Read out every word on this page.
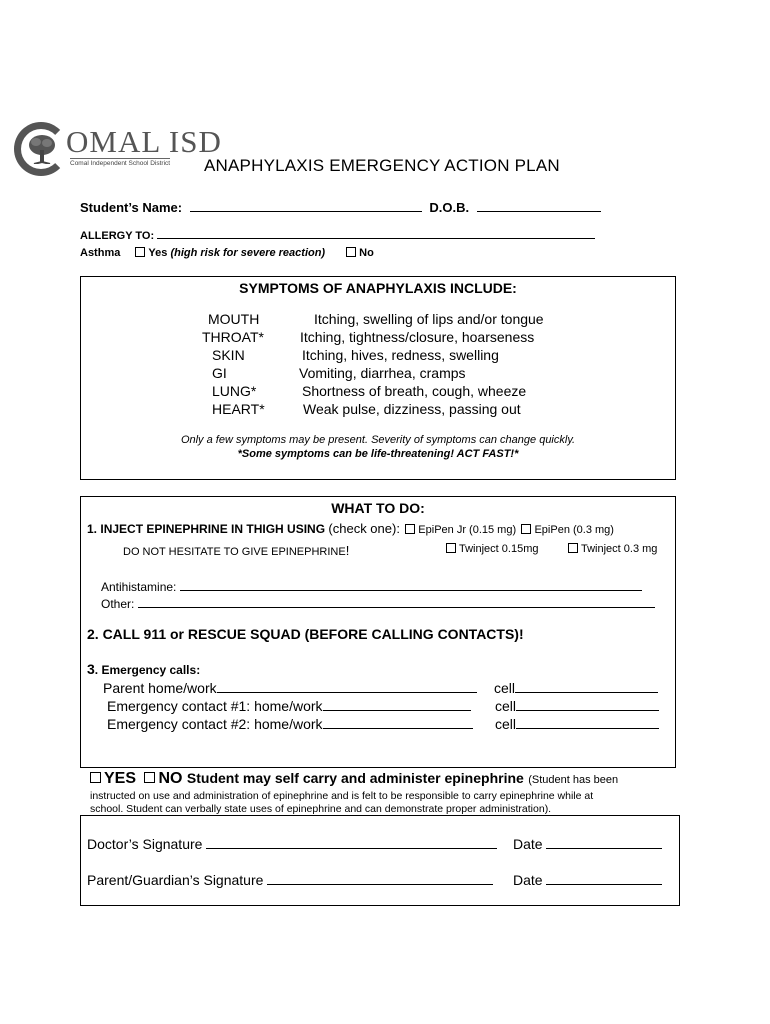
OMAL ISD
Comal Independent School District ANAPHYLAXIS EMERGENCY ACTION PLAN
Student’s Name:	D.O.B.
ALLERGY TO:
Asthma	Yes (high risk for severe reaction)	No
SYMPTOMS OF ANAPHYLAXIS INCLUDE:
MOUTH	Itching, swelling of lips and/or tongue
THROAT*	Itching, tightness/closure, hoarseness
SKIN	Itching, hives, redness, swelling
GI	Vomiting, diarrhea, cramps
LUNG*	Shortness of breath, cough, wheeze
HEART*	Weak pulse, dizziness, passing out
Only a few symptoms may be present. Severity of symptoms can change quickly.
*Some symptoms can be life-threatening! ACT FAST!*
WHAT TO DO:
1. INJECT EPINEPHRINE IN THIGH USING (check one): EpiPen Jr (0.15 mg) EpiPen (0.3 mg)
DO NOT HESITATE TO GIVE EPINEPHRINE!	Twinject 0.15mg	Twinject 0.3 mg
Antihistamine:
Other:
2. CALL 911 or RESCUE SQUAD (BEFORE CALLING CONTACTS)!
3. Emergency calls:
Parent home/work	cell
Emergency contact #1: home/work	cell
Emergency contact #2: home/work	cell
YES NO Student may self carry and administer epinephrine (Student has been
instructed on use and administration of epinephrine and is felt to be responsible to carry epinephrine while at
school. Student can verbally state uses of epinephrine and can demonstrate proper administration).
Doctor’s Signature	Date
Parent/Guardian’s Signature	Date
